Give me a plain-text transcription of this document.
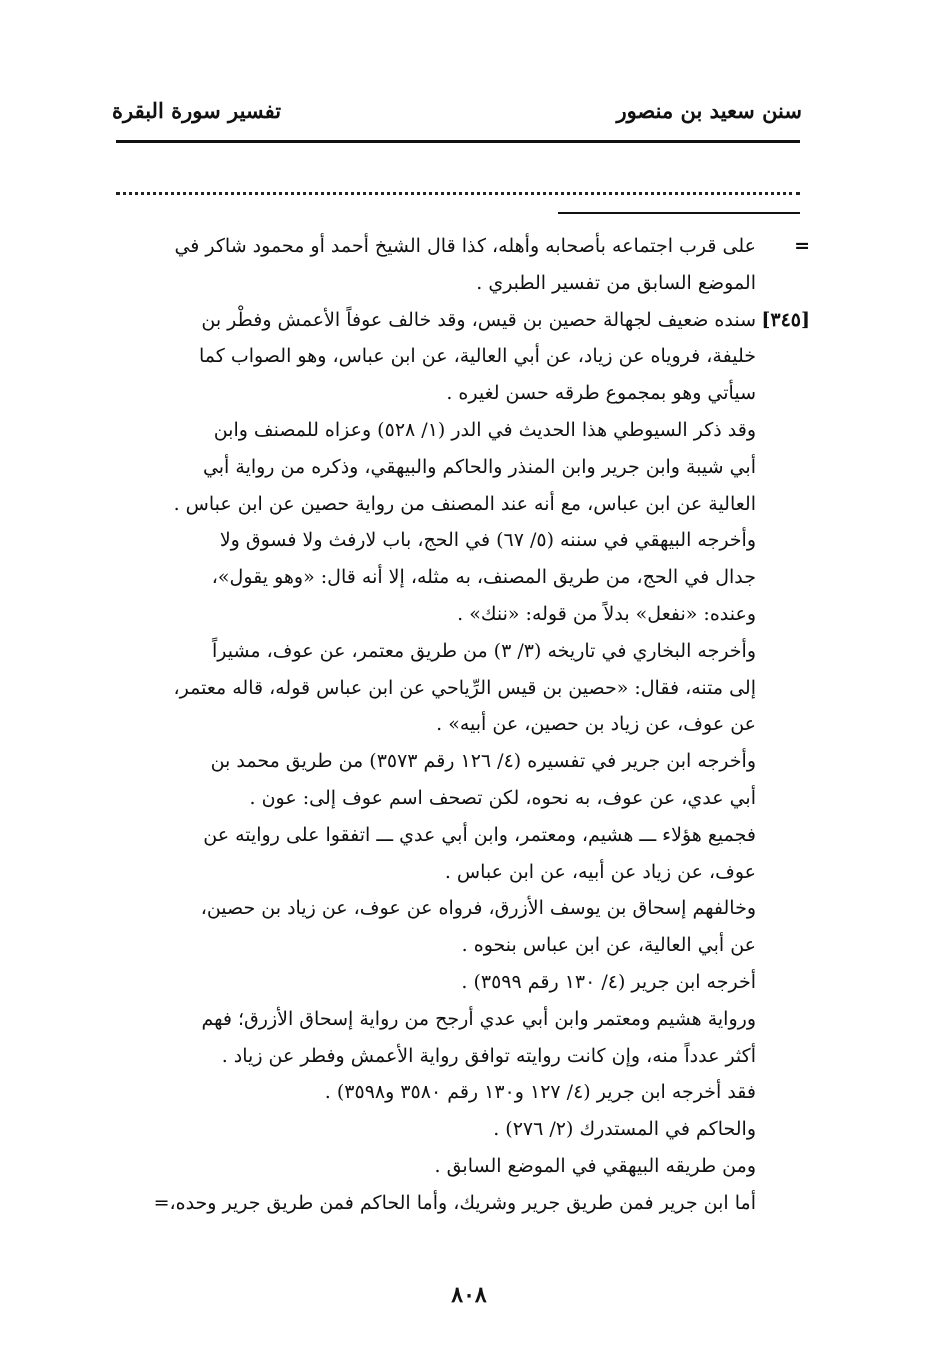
سنن سعيد بن منصور
تفسير سورة البقرة
=
على قرب اجتماعه بأصحابه وأهله، كذا قال الشيخ أحمد أو محمود شاكر في
الموضع السابق من تفسير الطبري .
[٣٤٥]
سنده ضعيف لجهالة حصين بن قيس، وقد خالف عوفاً الأعمش وفطْر بن
خليفة، فروياه عن زياد، عن أبي العالية، عن ابن عباس، وهو الصواب كما
سيأتي وهو بمجموع طرقه حسن لغيره .
وقد ذكر السيوطي هذا الحديث في الدر (١/ ٥٢٨) وعزاه للمصنف وابن
أبي شيبة وابن جرير وابن المنذر والحاكم والبيهقي، وذكره من رواية أبي
العالية عن ابن عباس، مع أنه عند المصنف من رواية حصين عن ابن عباس .
وأخرجه البيهقي في سننه (٥/ ٦٧) في الحج، باب لارفث ولا فسوق ولا
جدال في الحج، من طريق المصنف، به مثله، إلا أنه قال: «وهو يقول»،
وعنده: «نفعل» بدلاً من قوله: «ننك» .
وأخرجه البخاري في تاريخه (٣/ ٣) من طريق معتمر، عن عوف، مشيراً
إلى متنه، فقال: «حصين بن قيس الرِّياحي عن ابن عباس قوله، قاله معتمر،
عن عوف، عن زياد بن حصين، عن أبيه» .
وأخرجه ابن جرير في تفسيره (٤/ ١٢٦ رقم ٣٥٧٣) من طريق محمد بن
أبي عدي، عن عوف، به نحوه، لكن تصحف اسم عوف إلى: عون .
فجميع هؤلاء ـــ هشيم، ومعتمر، وابن أبي عدي ـــ اتفقوا على روايته عن
عوف، عن زياد عن أبيه، عن ابن عباس .
وخالفهم إسحاق بن يوسف الأزرق، فرواه عن عوف، عن زياد بن حصين،
عن أبي العالية، عن ابن عباس بنحوه .
أخرجه ابن جرير (٤/ ١٣٠ رقم ٣٥٩٩) .
ورواية هشيم ومعتمر وابن أبي عدي أرجح من رواية إسحاق الأزرق؛ فهم
أكثر عدداً منه، وإن كانت روايته توافق رواية الأعمش وفطر عن زياد .
فقد أخرجه ابن جرير (٤/ ١٢٧ و١٣٠ رقم ٣٥٨٠ و٣٥٩٨) .
والحاكم في المستدرك (٢/ ٢٧٦) .
ومن طريقه البيهقي في الموضع السابق .
أما ابن جرير فمن طريق جرير وشريك، وأما الحاكم فمن طريق جرير وحده،=
٨٠٨
